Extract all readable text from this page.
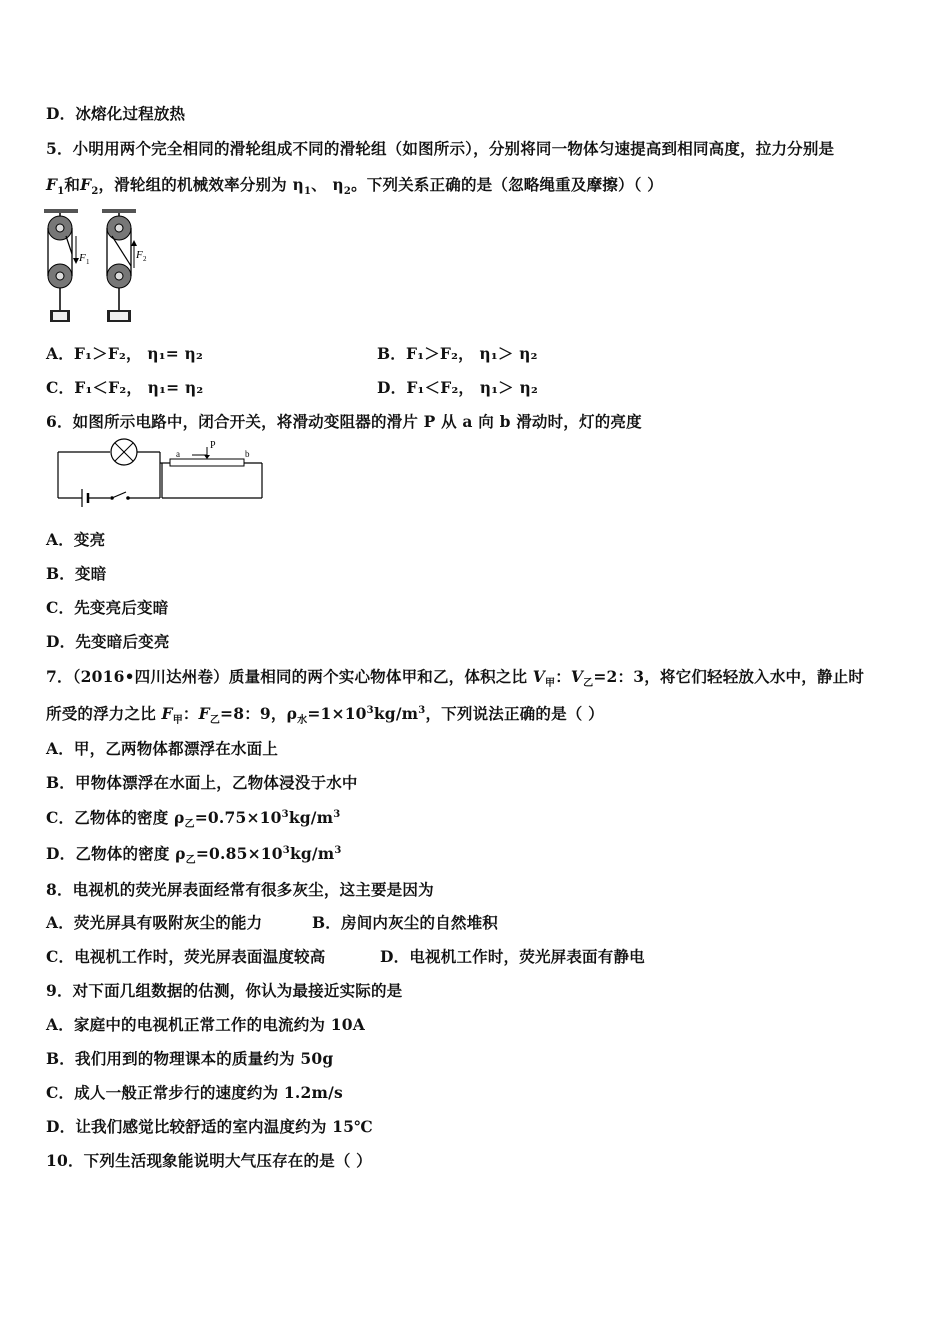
D．冰熔化过程放热
5．小明用两个完全相同的滑轮组成不同的滑轮组（如图所示），分别将同一物体匀速提高到相同高度，拉力分别是
$F_1$和$F_2$，滑轮组的机械效率分别为 $\eta_1$、 $\eta_2$。下列关系正确的是（忽略绳重及摩擦）（ ）
F 1
F 2
A．F₁＞F₂， η₁= η₂	B．F₁＞F₂， η₁＞ η₂
C．F₁＜F₂， η₁= η₂	D．F₁＜F₂， η₁＞ η₂
6．如图所示电路中，闭合开关，将滑动变阻器的滑片 P 从 a 向 b 滑动时，灯的亮度
P
a	b
A．变亮
B．变暗
C．先变亮后变暗
D．先变暗后变亮
7．（2016•四川达州卷）质量相同的两个实心物体甲和乙，体积之比 $V_甲$：$V_乙=2$：3，将它们轻轻放入水中，静止时
所受的浮力之比 $F_甲$：$F_乙=8$：9，$\rho_水=1\times 10^3kg/m^3$，下列说法正确的是（ ）
A．甲，乙两物体都漂浮在水面上
B．甲物体漂浮在水面上，乙物体浸没于水中
C．乙物体的密度 $\rho_乙=0.75\times 10^3kg/m^3$
D．乙物体的密度 $\rho_乙=0.85\times 10^3kg/m^3$
8．电视机的荧光屏表面经常有很多灰尘，这主要是因为
A．荧光屏具有吸附灰尘的能力	B．房间内灰尘的自然堆积
C．电视机工作时，荧光屏表面温度较高	D．电视机工作时，荧光屏表面有静电
9．对下面几组数据的估测，你认为最接近实际的是
A．家庭中的电视机正常工作的电流约为 10A
B．我们用到的物理课本的质量约为 50g
C．成人一般正常步行的速度约为 1.2m/s
D．让我们感觉比较舒适的室内温度约为 15℃
10．下列生活现象能说明大气压存在的是（ ）
